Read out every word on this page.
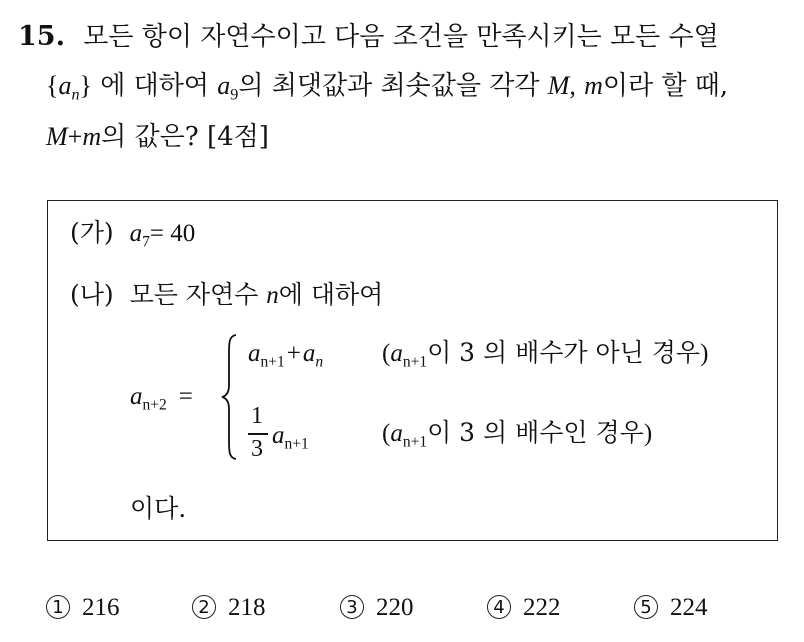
15. 모든 항이 자연수이고 다음 조건을 만족시키는 모든 수열
$\{a_n\}$ 에 대하여 $a_9$의 최댓값과 최솟값을 각각 M, m이라 할 때,
M+m의 값은? [4점]
(가) $a_7= 40$
(나) 모든 자연수 n에 대하여
$a_{n+2}$ =
$a_{n+1}+a_n$ ($a_{n+1}$이 3 의 배수가 아닌 경우)
1
3 $a_{n+1}$	($a_{n+1}$이 3 의 배수인 경우)
이다.
1 216	2 218	3 220	4 222	5 224
